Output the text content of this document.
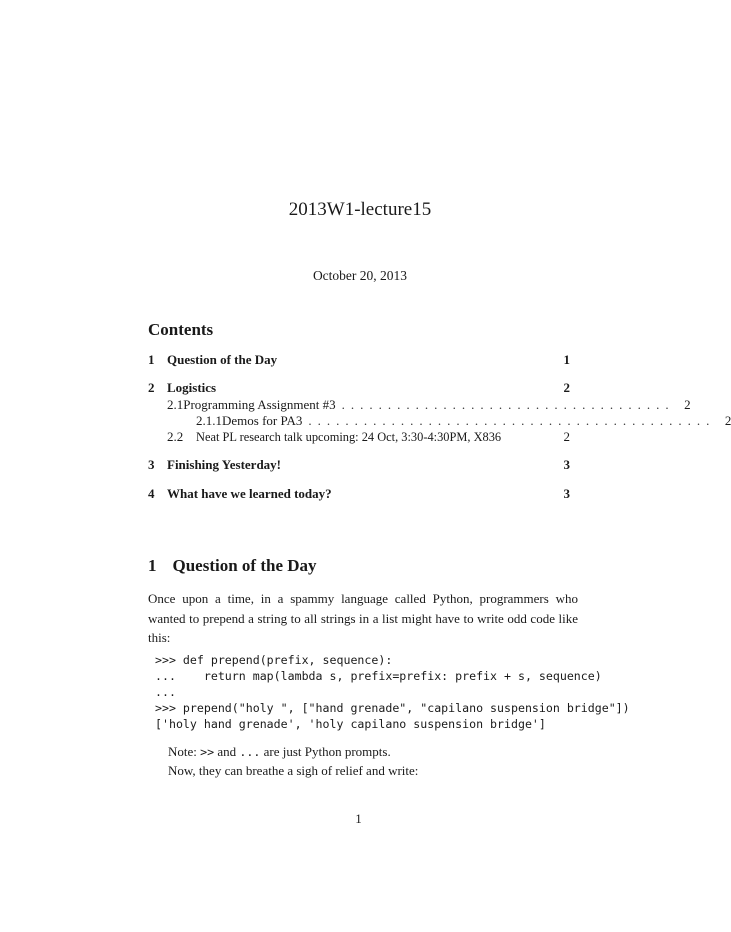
2013W1-lecture15
October 20, 2013
Contents
1 Question of the Day	1
2 Logistics	2
2.1 Programming Assignment #3 .................................... 2
2.1.1 Demos for PA3 ............................................ 2
2.2	Neat PL research talk upcoming: 24 Oct, 3:30-4:30PM, X836	2
3 Finishing Yesterday!	3
4 What have we learned today?	3
1 Question of the Day
Once upon a time, in a spammy language called Python, programmers who wanted to prepend a string to all strings in a list might have to write odd code like this:
>>> def prepend(prefix, sequence):
...    return map(lambda s, prefix=prefix: prefix + s, sequence)
...
>>> prepend("holy ", ["hand grenade", "capilano suspension bridge"])
['holy hand grenade', 'holy capilano suspension bridge']
Note: >> and ... are just Python prompts.
Now, they can breathe a sigh of relief and write:
1
